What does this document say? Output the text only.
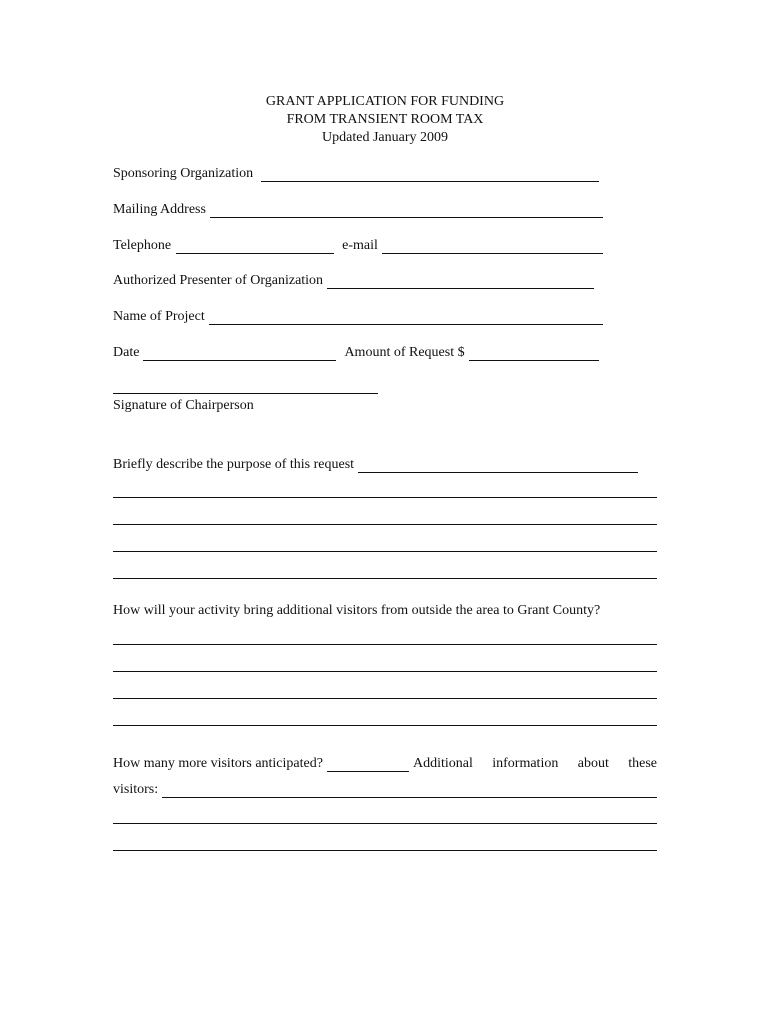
GRANT APPLICATION FOR FUNDING
FROM TRANSIENT ROOM TAX
Updated January 2009
Sponsoring Organization
Mailing Address
Telephone	e-mail
Authorized Presenter of Organization
Name of Project
Date	Amount of Request $
Signature of Chairperson
Briefly describe the purpose of this request
How will your activity bring additional visitors from outside the area to Grant County?
How many more visitors anticipated?	Additional information about these
visitors:
